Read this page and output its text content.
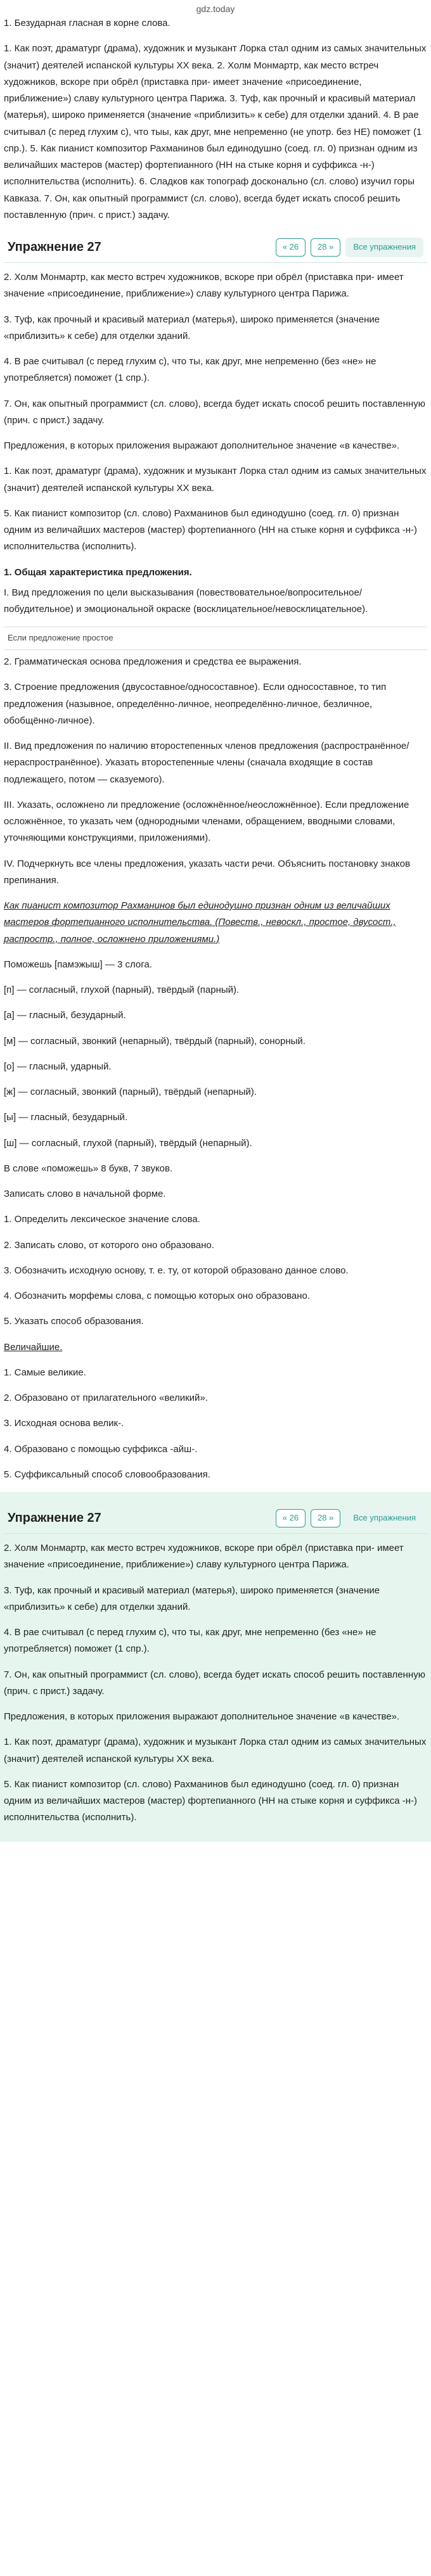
gdz.today

1. Безударная гласная в корне слова.

1. Как поэт, драматург (драма), художник и музыкант Лорка стал одним из самых значительных (значит) деятелей испанской культуры XX века. 2. Холм Монмартр, как место встреч художников, вскоре при обрёл (приставка при- имеет значение «присоединение, приближение») славу культурного центра Парижа. 3. Туф, как прочный и красивый материал (матерья), широко применяется (значение «приблизить» к себе) для отделки зданий. 4. В рае считывал (с перед глухим с), что тыы, как друг, мне непременно (не употр. без НЕ) поможет (1 спр.). 5. Как пианист композитор Рахманинов был единодушно (соед. гл. 0) признан одним из величайших мастеров (мастер) фортепианного (НН на стыке корня и суффикса -н-) исполнительства (исполнить). 6. Сладков как топограф досконально (сл. слово) изучил горы Кавказа. 7. Он, как опытный программист (сл. слово), всегда будет искать способ решить поставленную (прич. с прист.) задачу.

Упражнение 27	« 26	28 »	Все упражнения

2. Холм Монмартр, как место встреч художников, вскоре при обрёл (приставка при- имеет значение «присоединение, приближение») славу культурного центра Парижа.

3. Туф, как прочный и красивый материал (матерья), широко применяется (значение «приблизить» к себе) для отделки зданий.

4. В рае считывал (с перед глухим с), что ты, как друг, мне непременно (без «не» не употребляется) поможет (1 спр.).

7. Он, как опытный программист (сл. слово), всегда будет искать способ решить поставленную (прич. с прист.) задачу.

Предложения, в которых приложения выражают дополнительное значение «в качестве».

1. Как поэт, драматург (драма), художник и музыкант Лорка стал одним из самых значительных (значит) деятелей испанской культуры XX века.

5. Как пианист композитор (сл. слово) Рахманинов был единодушно (соед. гл. 0) признан одним из величайших мастеров (мастер) фортепианного (НН на стыке корня и суффикса -н-) исполнительства (исполнить).

1. Общая характеристика предложения.

I. Вид предложения по цели высказывания (повествовательное/вопросительное/побудительное) и эмоциональной окраске (восклицательное/невосклицательное).

Если предложение простое

2. Грамматическая основа предложения и средства ее выражения.

3. Строение предложения (двусоставное/односоставное). Если односоставное, то тип предложения (назывное, определённо-личное, неопределённо-личное, безличное, обобщённо-личное).

II. Вид предложения по наличию второстепенных членов предложения (распространённое/нераспространённое). Указать второстепенные члены (сначала входящие в состав подлежащего, потом — сказуемого).

III. Указать, осложнено ли предложение (осложнённое/неосложнённое). Если предложение осложнённое, то указать чем (однородными членами, обращением, вводными словами, уточняющими конструкциями, приложениями).

IV. Подчеркнуть все члены предложения, указать части речи. Объяснить постановку знаков препинания.

Как пианист композитор Рахманинов был единодушно признан одним из величайших мастеров фортепианного исполнительства. (Повеств., невоскл., простое, двусост., распростр., полное, осложнено приложениями.)

Поможешь [памэжыш] — 3 слога.

[п] — согласный, глухой (парный), твёрдый (парный).

[а] — гласный, безударный.

[м] — согласный, звонкий (непарный), твёрдый (парный), сонорный.

[о] — гласный, ударный.

[ж] — согласный, звонкий (парный), твёрдый (непарный).

[ы] — гласный, безударный.

[ш] — согласный, глухой (парный), твёрдый (непарный).

В слове «поможешь» 8 букв, 7 звуков.

Записать слово в начальной форме.

1. Определить лексическое значение слова.

2. Записать слово, от которого оно образовано.

3. Обозначить исходную основу, т. е. ту, от которой образовано данное слово.

4. Обозначить морфемы слова, с помощью которых оно образовано.

5. Указать способ образования.

Величайшие.

1. Самые великие.

2. Образовано от прилагательного «великий».

3. Исходная основа велик-.

4. Образовано с помощью суффикса -айш-.

5. Суффиксальный способ словообразования.

Упражнение 27	« 26	28 »	Все упражнения

2. Холм Монмартр, как место встреч художников, вскоре при обрёл (приставка при- имеет значение «присоединение, приближение») славу культурного центра Парижа.

3. Туф, как прочный и красивый материал (матерья), широко применяется (значение «приблизить» к себе) для отделки зданий.

4. В рае считывал (с перед глухим с), что ты, как друг, мне непременно (без «не» не употребляется) поможет (1 спр.).

7. Он, как опытный программист (сл. слово), всегда будет искать способ решить поставленную (прич. с прист.) задачу.

Предложения, в которых приложения выражают дополнительное значение «в качестве».

1. Как поэт, драматург (драма), художник и музыкант Лорка стал одним из самых значительных (значит) деятелей испанской культуры XX века.

5. Как пианист композитор (сл. слово) Рахманинов был единодушно (соед. гл. 0) признан одним из величайших мастеров (мастер) фортепианного (НН на стыке корня и суффикса -н-) исполнительства (исполнить).
